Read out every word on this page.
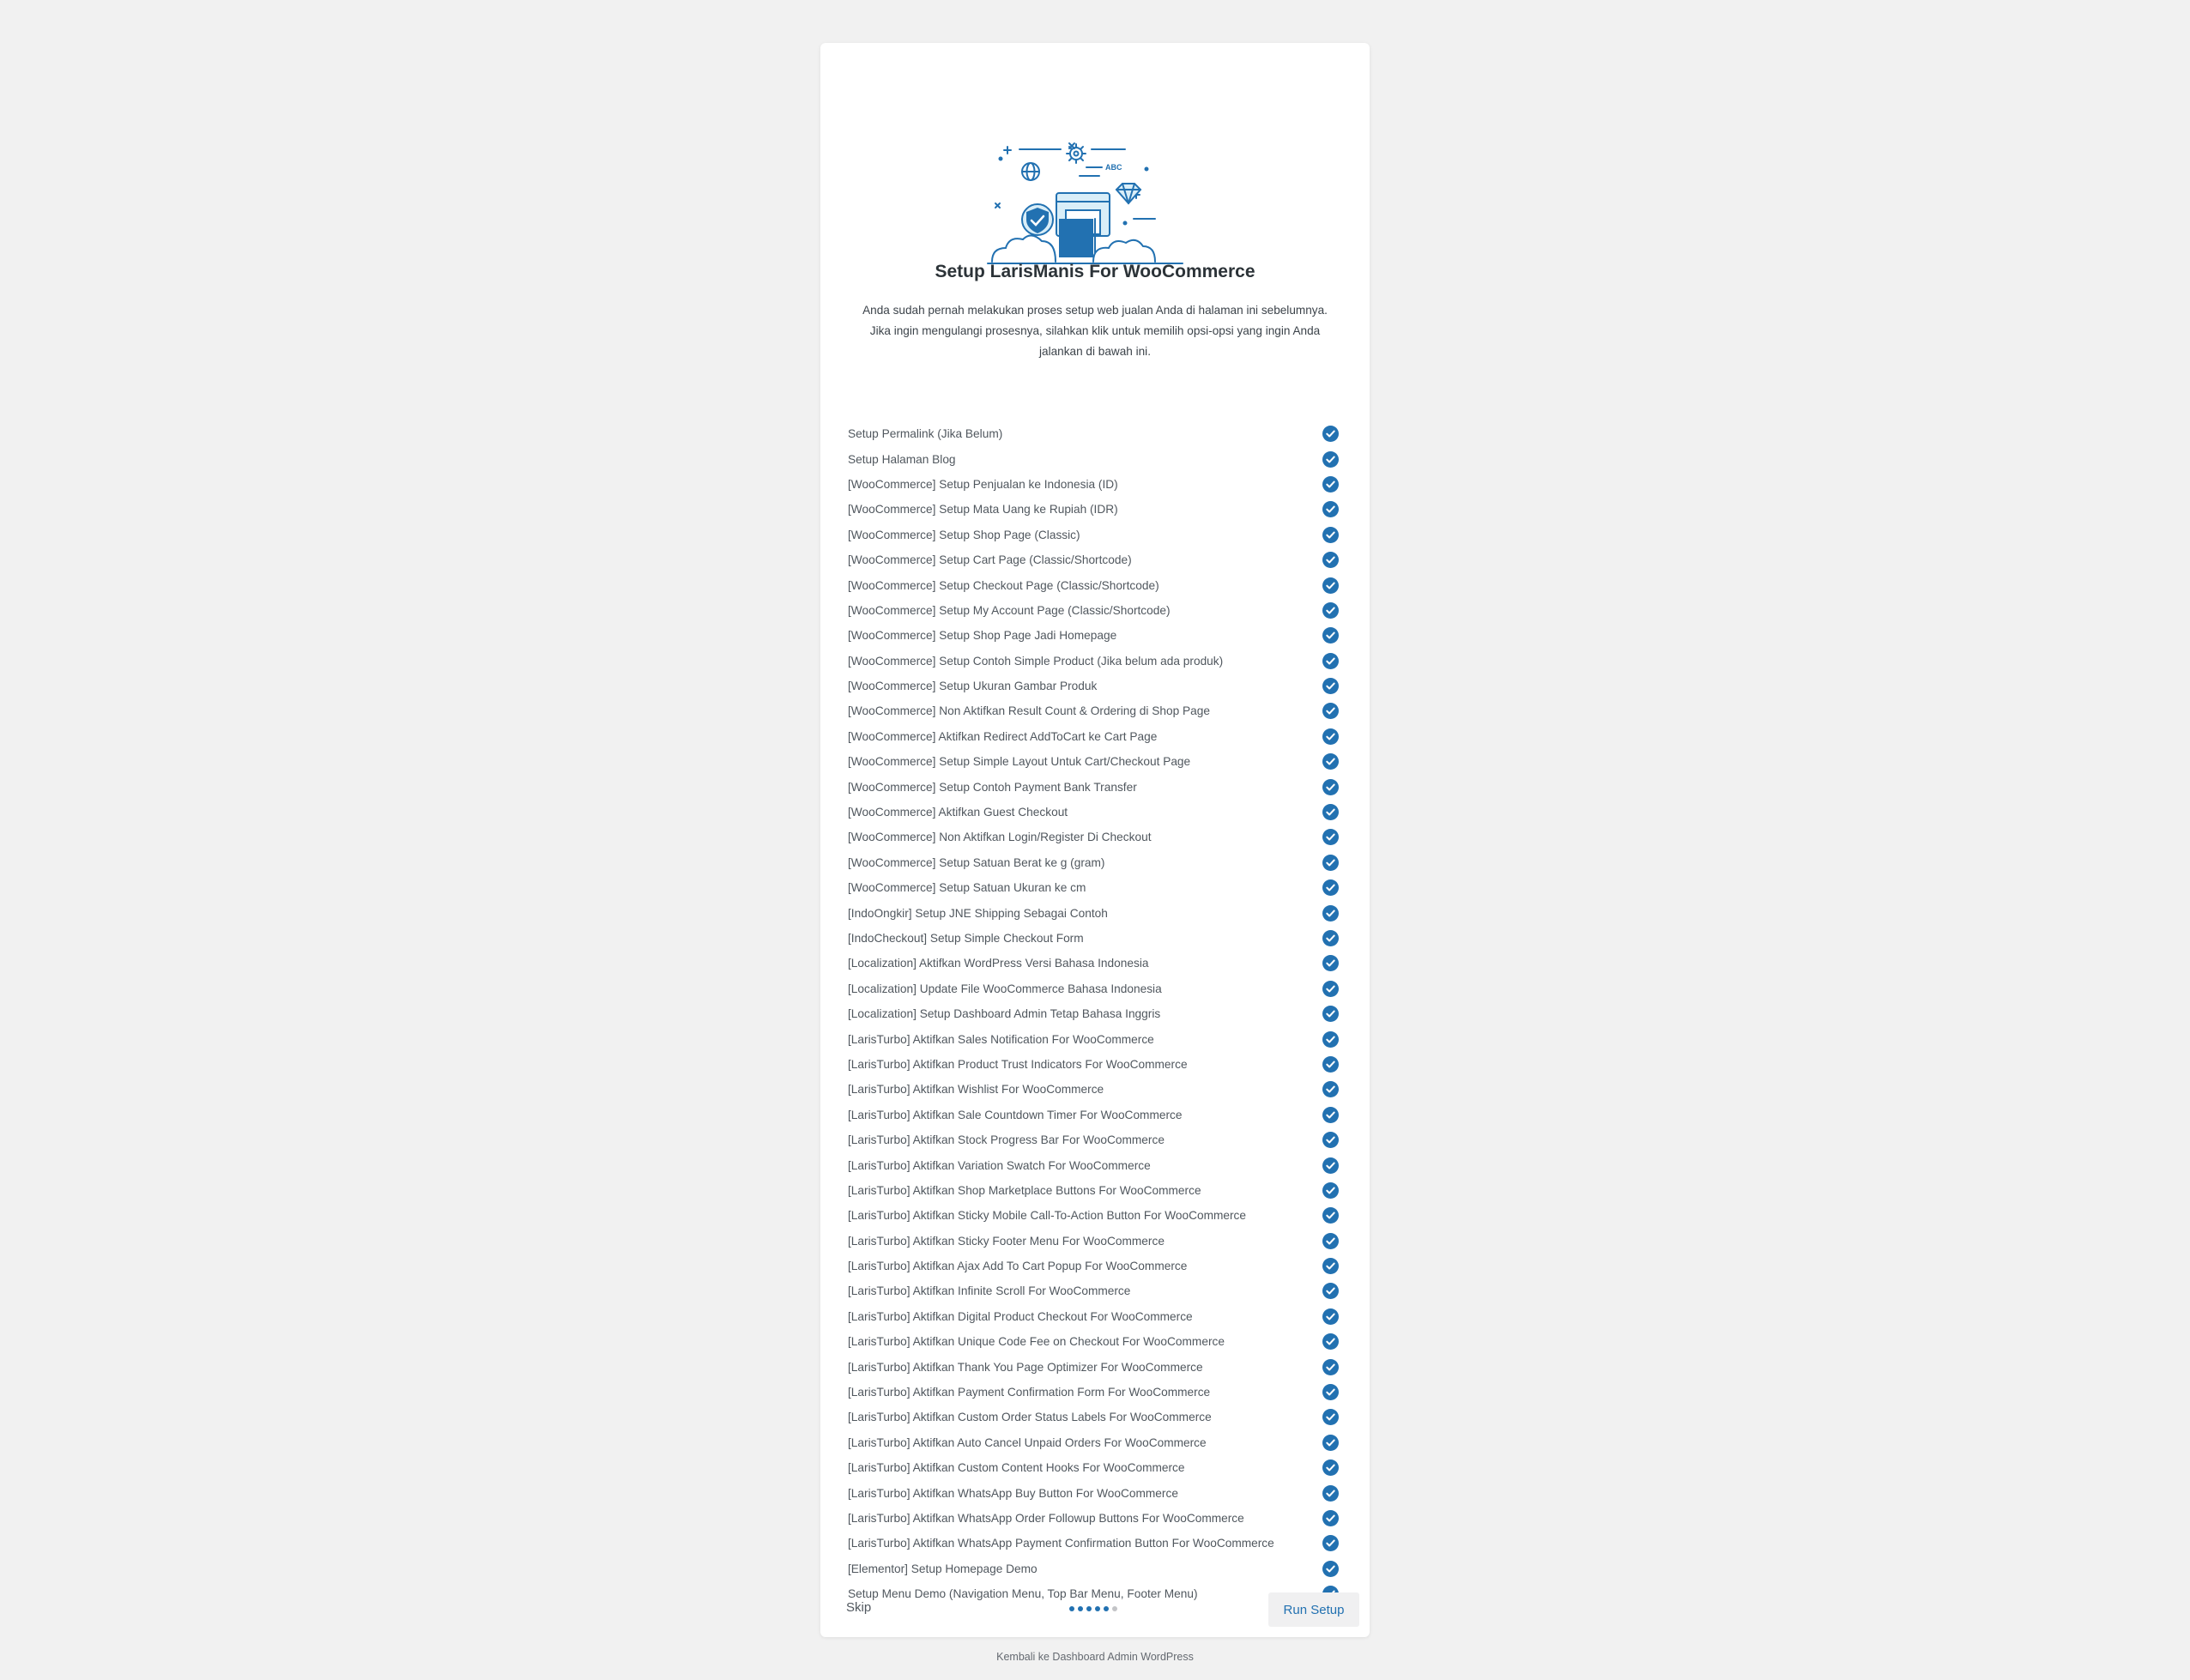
ABC
Setup LarisManis For WooCommerce

Anda sudah pernah melakukan proses setup web jualan Anda di halaman ini sebelumnya. Jika ingin mengulangi prosesnya, silahkan klik untuk memilih opsi-opsi yang ingin Anda jalankan di bawah ini.

Setup Permalink (Jika Belum)
Setup Halaman Blog
[WooCommerce] Setup Penjualan ke Indonesia (ID)
[WooCommerce] Setup Mata Uang ke Rupiah (IDR)
[WooCommerce] Setup Shop Page (Classic)
[WooCommerce] Setup Cart Page (Classic/Shortcode)
[WooCommerce] Setup Checkout Page (Classic/Shortcode)
[WooCommerce] Setup My Account Page (Classic/Shortcode)
[WooCommerce] Setup Shop Page Jadi Homepage
[WooCommerce] Setup Contoh Simple Product (Jika belum ada produk)
[WooCommerce] Setup Ukuran Gambar Produk
[WooCommerce] Non Aktifkan Result Count & Ordering di Shop Page
[WooCommerce] Aktifkan Redirect AddToCart ke Cart Page
[WooCommerce] Setup Simple Layout Untuk Cart/Checkout Page
[WooCommerce] Setup Contoh Payment Bank Transfer
[WooCommerce] Aktifkan Guest Checkout
[WooCommerce] Non Aktifkan Login/Register Di Checkout
[WooCommerce] Setup Satuan Berat ke g (gram)
[WooCommerce] Setup Satuan Ukuran ke cm
[IndoOngkir] Setup JNE Shipping Sebagai Contoh
[IndoCheckout] Setup Simple Checkout Form
[Localization] Aktifkan WordPress Versi Bahasa Indonesia
[Localization] Update File WooCommerce Bahasa Indonesia
[Localization] Setup Dashboard Admin Tetap Bahasa Inggris
[LarisTurbo] Aktifkan Sales Notification For WooCommerce
[LarisTurbo] Aktifkan Product Trust Indicators For WooCommerce
[LarisTurbo] Aktifkan Wishlist For WooCommerce
[LarisTurbo] Aktifkan Sale Countdown Timer For WooCommerce
[LarisTurbo] Aktifkan Stock Progress Bar For WooCommerce
[LarisTurbo] Aktifkan Variation Swatch For WooCommerce
[LarisTurbo] Aktifkan Shop Marketplace Buttons For WooCommerce
[LarisTurbo] Aktifkan Sticky Mobile Call-To-Action Button For WooCommerce
[LarisTurbo] Aktifkan Sticky Footer Menu For WooCommerce
[LarisTurbo] Aktifkan Ajax Add To Cart Popup For WooCommerce
[LarisTurbo] Aktifkan Infinite Scroll For WooCommerce
[LarisTurbo] Aktifkan Digital Product Checkout For WooCommerce
[LarisTurbo] Aktifkan Unique Code Fee on Checkout For WooCommerce
[LarisTurbo] Aktifkan Thank You Page Optimizer For WooCommerce
[LarisTurbo] Aktifkan Payment Confirmation Form For WooCommerce
[LarisTurbo] Aktifkan Custom Order Status Labels For WooCommerce
[LarisTurbo] Aktifkan Auto Cancel Unpaid Orders For WooCommerce
[LarisTurbo] Aktifkan Custom Content Hooks For WooCommerce
[LarisTurbo] Aktifkan WhatsApp Buy Button For WooCommerce
[LarisTurbo] Aktifkan WhatsApp Order Followup Buttons For WooCommerce
[LarisTurbo] Aktifkan WhatsApp Payment Confirmation Button For WooCommerce
[Elementor] Setup Homepage Demo
Setup Menu Demo (Navigation Menu, Top Bar Menu, Footer Menu)
Skip	Run Setup
Kembali ke Dashboard Admin WordPress
